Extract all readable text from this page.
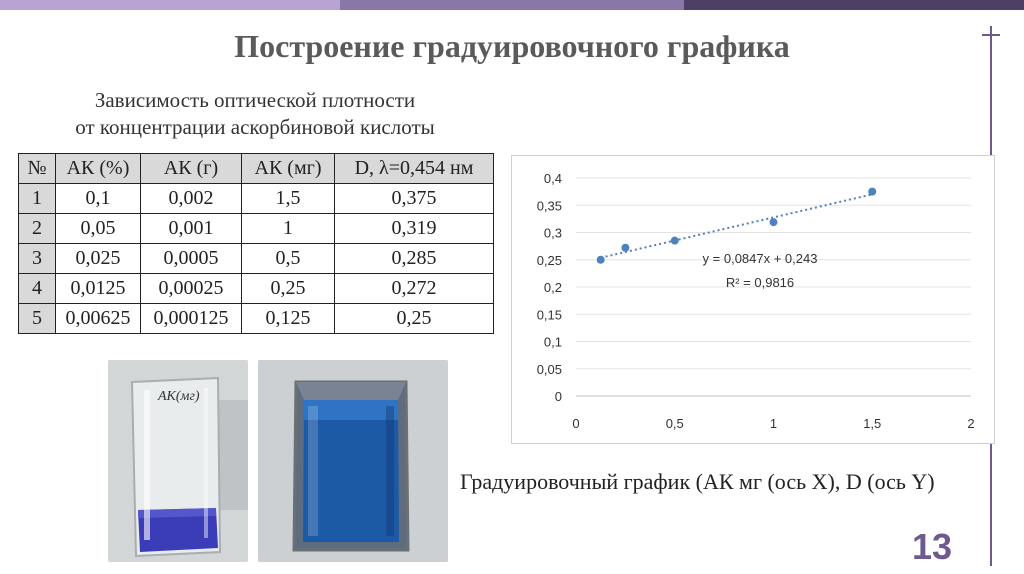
Построение градуировочного графика
Зависимость оптической плотности
от концентрации аскорбиновой кислоты
№	АК (%)	АК (г)	АК (мг)	D, λ=0,454 нм
1	0,1	0,002	1,5	0,375
2	0,05	0,001	1	0,319
3	0,025	0,0005	0,5	0,285
4	0,0125	0,00025	0,25	0,272
5	0,00625	0,000125	0,125	0,25
АК(мг)	0
0,05
0,1
0,15
0,2
0,25
0,3
0,35
0,4
0	0,5	1	1,5	2
y = 0,0847x + 0,243
R² = 0,9816
Градуировочный график (АК мг (ось X), D (ось Y)
13
